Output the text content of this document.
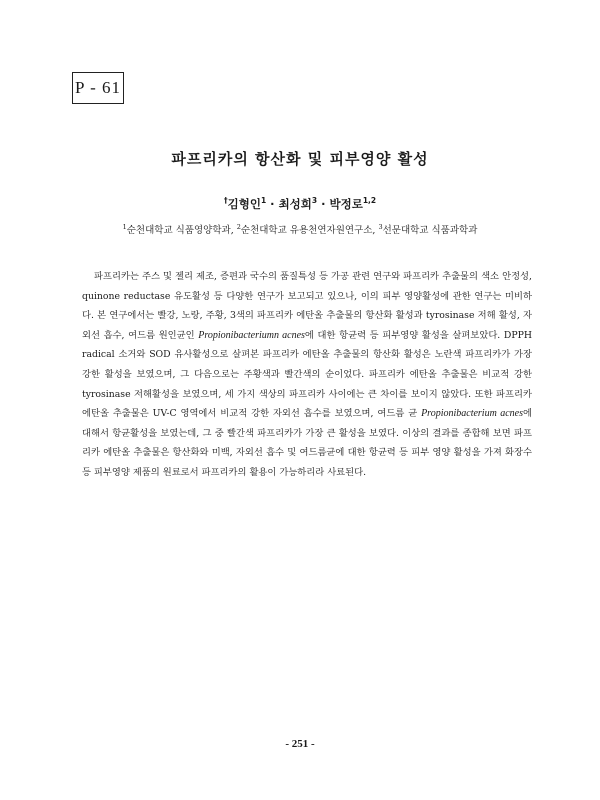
P - 61
파프리카의 항산화 및 피부영양 활성
†김형인$^1$ · 최성희$^3$ · 박정로$^{1,2}$
$^1$순천대학교 식품영양학과, $^2$순천대학교 유용천연자원연구소, $^3$선문대학교 식품과학과

파프리카는 주스 및 젤리 제조, 증편과 국수의 품질특성 등 가공 관련 연구와 파프리카 추출물의 색소 안정성, quinone reductase 유도활성 등 다양한 연구가 보고되고 있으나, 이의 피부 영양활성에 관한 연구는 미비하다. 본 연구에서는 빨강, 노랑, 주황, 3색의 파프리카 에탄올 추출물의 항산화 활성과 tyrosinase 저해 활성, 자외선 흡수, 여드름 원인균인 Propionibacteriumn acnes에 대한 항균력 등 피부영양 활성을 살펴보았다. DPPH radical 소거와 SOD 유사활성으로 살펴본 파프리카 에탄올 추출물의 항산화 활성은 노란색 파프리카가 가장 강한 활성을 보였으며, 그 다음으로는 주황색과 빨간색의 순이었다. 파프리카 에탄올 추출물은 비교적 강한 tyrosinase 저해활성을 보였으며, 세 가지 색상의 파프리카 사이에는 큰 차이를 보이지 않았다. 또한 파프리카 에탄올 추출물은 UV-C 영역에서 비교적 강한 자외선 흡수를 보였으며, 여드름 균 Propionibacterium acnes에 대해서 항균활성을 보였는데, 그 중 빨간색 파프리카가 가장 큰 활성을 보였다. 이상의 결과를 종합해 보면 파프리카 에탄올 추출물은 항산화와 미백, 자외선 흡수 및 여드름균에 대한 항균력 등 피부 영양 활성을 가져 화장수 등 피부영양 제품의 원료로서 파프리카의 활용이 가능하리라 사료된다.

- 251 -
